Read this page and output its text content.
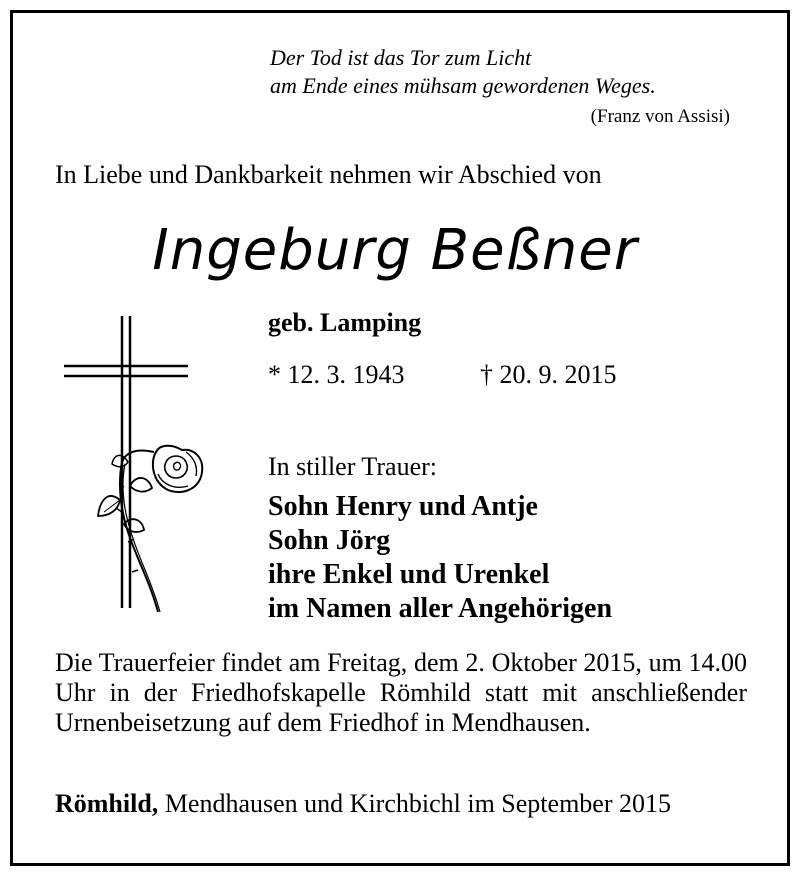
Der Tod ist das Tor zum Licht
am Ende eines mühsam gewordenen Weges.
(Franz von Assisi)
In Liebe und Dankbarkeit nehmen wir Abschied von
Ingeburg Beßner
geb. Lamping
* 12. 3. 1943	† 20. 9. 2015
In stiller Trauer:
Sohn Henry und Antje
Sohn Jörg
ihre Enkel und Urenkel
im Namen aller Angehörigen
Die Trauerfeier findet am Freitag, dem 2. Oktober 2015, um 14.00 Uhr in der Friedhofskapelle Römhild statt mit anschließender Urnenbeisetzung auf dem Friedhof in Mendhausen.
Römhild, Mendhausen und Kirchbichl im September 2015
